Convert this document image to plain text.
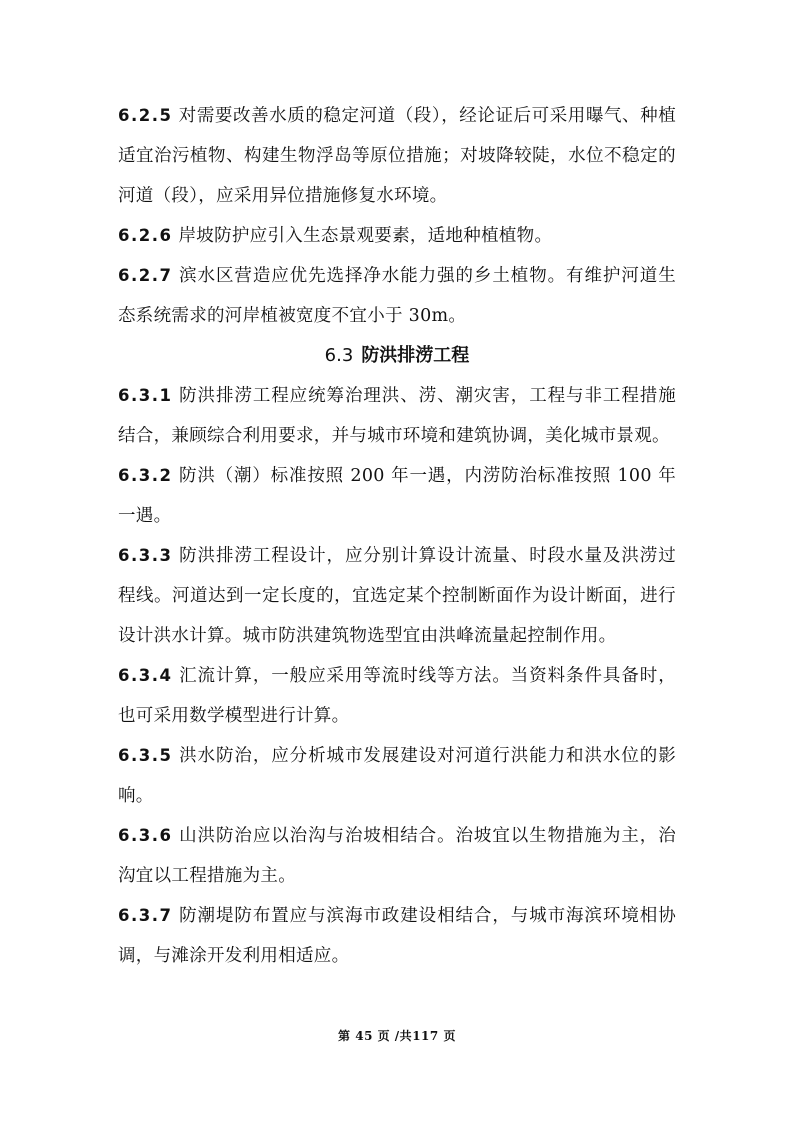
6.2.5 对需要改善水质的稳定河道（段），经论证后可采用曝气、种植适宜治污植物、构建生物浮岛等原位措施；对坡降较陡，水位不稳定的河道（段），应采用异位措施修复水环境。

6.2.6 岸坡防护应引入生态景观要素，适地种植植物。

6.2.7 滨水区营造应优先选择净水能力强的乡土植物。有维护河道生态系统需求的河岸植被宽度不宜小于 30m。

6.3 防洪排涝工程

6.3.1 防洪排涝工程应统筹治理洪、涝、潮灾害，工程与非工程措施结合，兼顾综合利用要求，并与城市环境和建筑协调，美化城市景观。

6.3.2 防洪（潮）标准按照 200 年一遇，内涝防治标准按照 100 年一遇。

6.3.3 防洪排涝工程设计，应分别计算设计流量、时段水量及洪涝过程线。河道达到一定长度的，宜选定某个控制断面作为设计断面，进行设计洪水计算。城市防洪建筑物选型宜由洪峰流量起控制作用。

6.3.4 汇流计算，一般应采用等流时线等方法。当资料条件具备时，也可采用数学模型进行计算。

6.3.5 洪水防治，应分析城市发展建设对河道行洪能力和洪水位的影响。

6.3.6 山洪防治应以治沟与治坡相结合。治坡宜以生物措施为主，治沟宜以工程措施为主。

6.3.7 防潮堤防布置应与滨海市政建设相结合，与城市海滨环境相协调，与滩涂开发利用相适应。

第 45 页 /共117 页
